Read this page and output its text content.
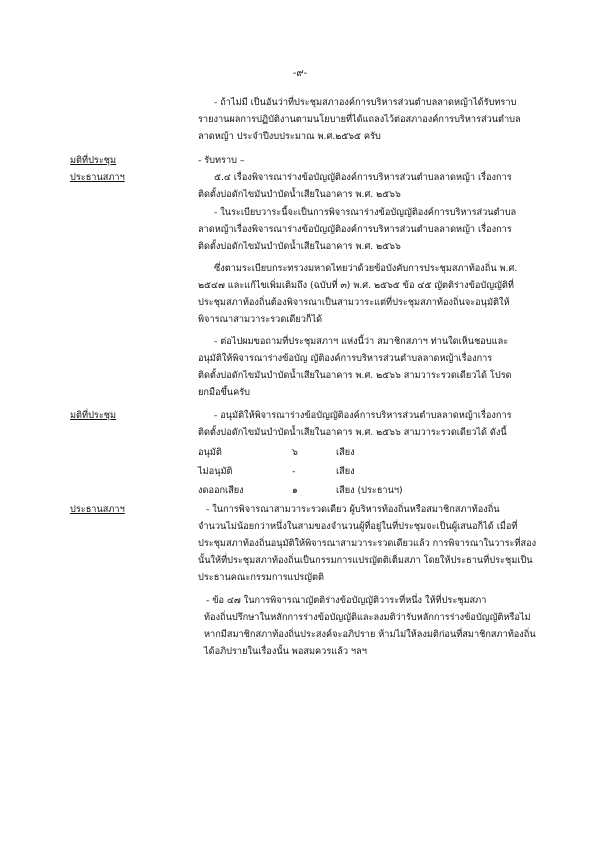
-๙-
- ถ้าไม่มี เป็นอันว่าที่ประชุมสภาองค์การบริหารส่วนตำบลลาดหญ้าได้รับทราบ
รายงานผลการปฏิบัติงานตามนโยบายที่ได้แถลงไว้ต่อสภาองค์การบริหารส่วนตำบล
ลาดหญ้า ประจำปีงบประมาณ พ.ศ.๒๕๖๕ ครับ
มติที่ประชุม	- รับทราบ –
ประธานสภาฯ	๕.๔ เรื่องพิจารณาร่างข้อบัญญัติองค์การบริหารส่วนตำบลลาดหญ้า เรื่องการ
ติดตั้งบ่อดักไขมันบำบัดน้ำเสียในอาคาร พ.ศ. ๒๕๖๖
- ในระเบียบวาระนี้จะเป็นการพิจารณาร่างข้อบัญญัติองค์การบริหารส่วนตำบล
ลาดหญ้าเรื่องพิจารณาร่างข้อบัญญัติองค์การบริหารส่วนตำบลลาดหญ้า เรื่องการ
ติดตั้งบ่อดักไขมันบำบัดน้ำเสียในอาคาร พ.ศ. ๒๕๖๖
ซึ่งตามระเบียบกระทรวงมหาดไทยว่าด้วยข้อบังคับการประชุมสภาท้องถิ่น พ.ศ.
๒๕๔๗ และแก้ไขเพิ่มเติมถึง (ฉบับที่ ๓) พ.ศ. ๒๕๖๕ ข้อ ๔๕ ญัตติร่างข้อบัญญัติที่
ประชุมสภาท้องถิ่นต้องพิจารณาเป็นสามวาระแต่ที่ประชุมสภาท้องถิ่นจะอนุมัติให้
พิจารณาสามวาระรวดเดียวก็ได้
- ต่อไปผมขอถามที่ประชุมสภาฯ แห่งนี้ว่า สมาชิกสภาฯ ท่านใดเห็นชอบและ
อนุมัติให้พิจารณาร่างข้อบัญ ญัติองค์การบริหารส่วนตำบลลาดหญ้าเรื่องการ
ติดตั้งบ่อดักไขมันบำบัดน้ำเสียในอาคาร พ.ศ. ๒๕๖๖ สามวาระรวดเดียวได้ โปรด
ยกมือขึ้นครับ
มติที่ประชุม	- อนุมัติให้พิจารณาร่างข้อบัญญัติองค์การบริหารส่วนตำบลลาดหญ้าเรื่องการ
ติดตั้งบ่อดักไขมันบำบัดน้ำเสียในอาคาร พ.ศ. ๒๕๖๖ สามวาระรวดเดียวได้ ดังนี้
อนุมัติ	๖	เสียง
ไม่อนุมัติ	-	เสียง
งดออกเสียง	๑	เสียง (ประธานฯ)
ประธานสภาฯ	- ในการพิจารณาสามวาระรวดเดียว ผู้บริหารท้องถิ่นหรือสมาชิกสภาท้องถิ่น
จำนวนไม่น้อยกว่าหนึ่งในสามของจำนวนผู้ที่อยู่ในที่ประชุมจะเป็นผู้เสนอก็ได้ เมื่อที่
ประชุมสภาท้องถิ่นอนุมัติให้พิจารณาสามวาระรวดเดียวแล้ว การพิจารณาในวาระที่สอง
นั้นให้ที่ประชุมสภาท้องถิ่นเป็นกรรมการแปรญัตติเต็มสภา โดยให้ประธานที่ประชุมเป็น
ประธานคณะกรรมการแปรญัตติ
- ข้อ ๔๗ ในการพิจารณาญัตติร่างข้อบัญญัติวาระที่หนึ่ง ให้ที่ประชุมสภา
ท้องถิ่นปรึกษาในหลักการร่างข้อบัญญัติและลงมติว่ารับหลักการร่างข้อบัญญัติหรือไม่
หากมีสมาชิกสภาท้องถิ่นประสงค์จะอภิปราย ห้ามไม่ให้ลงมติก่อนที่สมาชิกสภาท้องถิ่น
ได้อภิปรายในเรื่องนั้น พอสมควรแล้ว ฯลฯ
